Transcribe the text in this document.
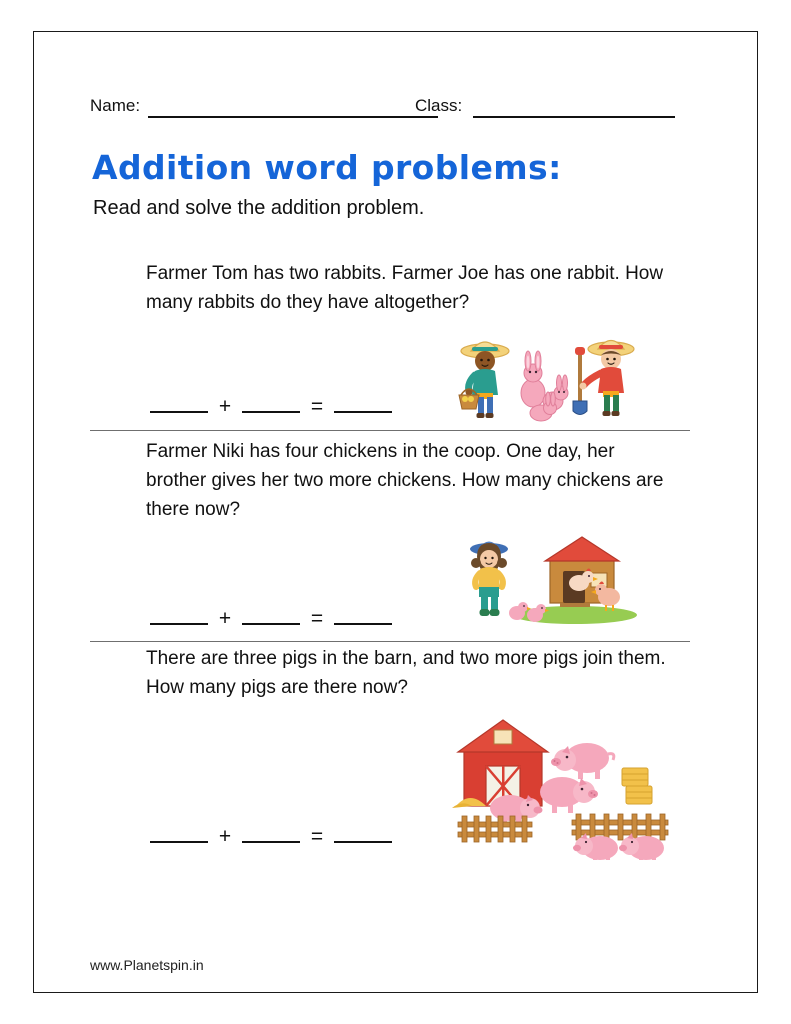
Name:	Class:
Addition word problems:
Read and solve the addition problem.
Farmer Tom has two rabbits. Farmer Joe has one rabbit. How many rabbits do they have altogether?
+	=
Farmer Niki has four chickens in the coop. One day, her brother gives her two more chickens. How many chickens are there now?
+	=
There are three pigs in the barn, and two more pigs join them. How many pigs are there now?
+	=
www.Planetspin.in
